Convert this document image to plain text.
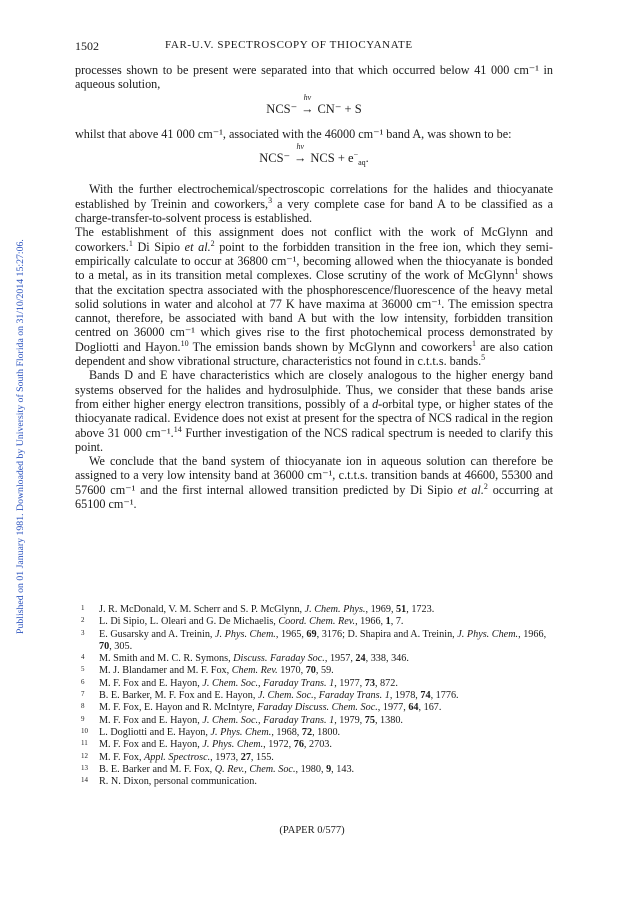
Published on 01 January 1981. Downloaded by University of South Florida on 31/10/2014 15:27:06.
1502	FAR-U.V. SPECTROSCOPY OF THIOCYANATE

processes shown to be present were separated into that which occurred below 41 000 cm⁻¹ in aqueous solution,

NCS⁻
hν
→ CN⁻ + S

whilst that above 41 000 cm⁻¹, associated with the 46000 cm⁻¹ band A, was shown to be:

NCS⁻
hν
→ NCS + $e^-_{aq}$.

With the further electrochemical/spectroscopic correlations for the halides and thiocyanate established by Treinin and coworkers,$^3$ a very complete case for band A to be classified as a charge-transfer-to-solvent process is established.

The establishment of this assignment does not conflict with the work of McGlynn and coworkers.$^1$ Di Sipio et al.$^2$ point to the forbidden transition in the free ion, which they semi-empirically calculate to occur at 36800 cm⁻¹, becoming allowed when the thiocyanate is bonded to a metal, as in its transition metal complexes. Close scrutiny of the work of McGlynn$^1$ shows that the excitation spectra associated with the phosphorescence/fluorescence of the heavy metal solid solutions in water and alcohol at 77 K have maxima at 36000 cm⁻¹. The emission spectra cannot, therefore, be associated with band A but with the low intensity, forbidden transition centred on 36000 cm⁻¹ which gives rise to the first photochemical process demonstrated by Dogliotti and Hayon.$^{10}$ The emission bands shown by McGlynn and coworkers$^1$ are also cation dependent and show vibrational structure, characteristics not found in c.t.t.s. bands.$^5$

Bands D and E have characteristics which are closely analogous to the higher energy band systems observed for the halides and hydrosulphide. Thus, we consider that these bands arise from either higher energy electron transitions, possibly of a d-orbital type, or higher states of the thiocyanate radical. Evidence does not exist at present for the spectra of NCS radical in the region above 31 000 cm⁻¹.$^{14}$ Further investigation of the NCS radical spectrum is needed to clarify this point.

We conclude that the band system of thiocyanate ion in aqueous solution can therefore be assigned to a very low intensity band at 36000 cm⁻¹, c.t.t.s. transition bands at 46600, 55300 and 57600 cm⁻¹ and the first internal allowed transition predicted by Di Sipio et al.$^2$ occurring at 65100 cm⁻¹.

1 J. R. McDonald, V. M. Scherr and S. P. McGlynn, J. Chem. Phys., 1969, 51, 1723.
2 L. Di Sipio, L. Oleari and G. De Michaelis, Coord. Chem. Rev., 1966, 1, 7.
3 E. Gusarsky and A. Treinin, J. Phys. Chem., 1965, 69, 3176; D. Shapira and A. Treinin, J. Phys. Chem., 1966, 70, 305.
4 M. Smith and M. C. R. Symons, Discuss. Faraday Soc., 1957, 24, 338, 346.
5 M. J. Blandamer and M. F. Fox, Chem. Rev. 1970, 70, 59.
6 M. F. Fox and E. Hayon, J. Chem. Soc., Faraday Trans. 1, 1977, 73, 872.
7 B. E. Barker, M. F. Fox and E. Hayon, J. Chem. Soc., Faraday Trans. 1, 1978, 74, 1776.
8 M. F. Fox, E. Hayon and R. McIntyre, Faraday Discuss. Chem. Soc., 1977, 64, 167.
9 M. F. Fox and E. Hayon, J. Chem. Soc., Faraday Trans. 1, 1979, 75, 1380.
10 L. Dogliotti and E. Hayon, J. Phys. Chem., 1968, 72, 1800.
11 M. F. Fox and E. Hayon, J. Phys. Chem., 1972, 76, 2703.
12 M. F. Fox, Appl. Spectrosc., 1973, 27, 155.
13 B. E. Barker and M. F. Fox, Q. Rev., Chem. Soc., 1980, 9, 143.
14 R. N. Dixon, personal communication.
(PAPER 0/577)
